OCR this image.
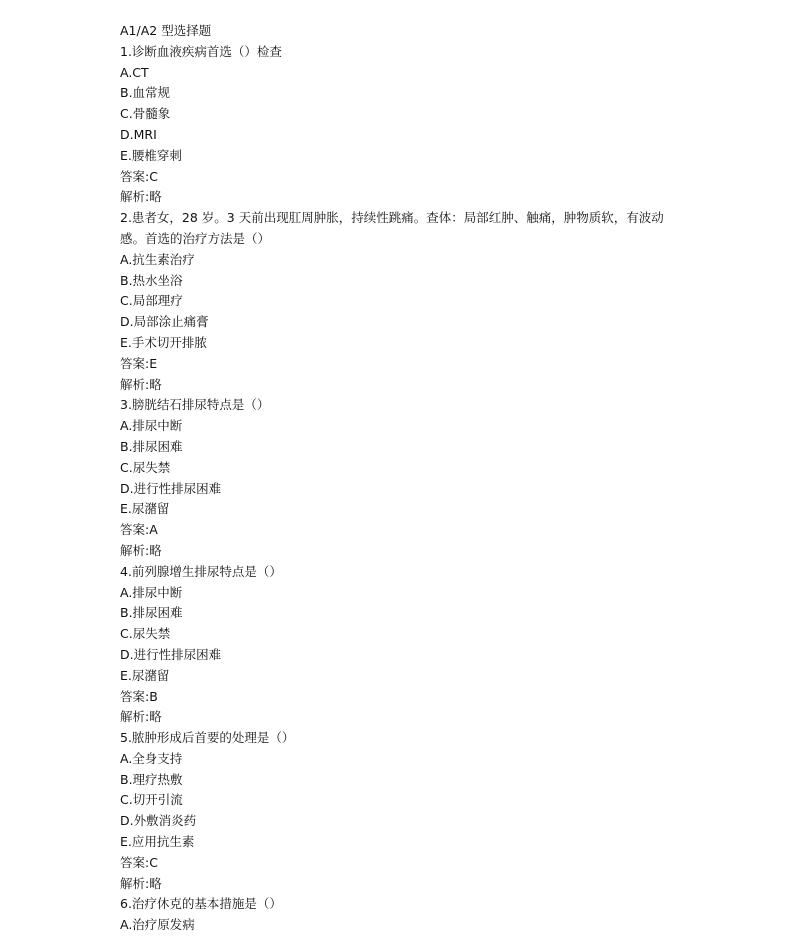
A1/A2 型选择题
1.诊断血液疾病首选（）检查
A.CT
B.血常规
C.骨髓象
D.MRI
E.腰椎穿刺
答案:C
解析:略
2.患者女，28 岁。3 天前出现肛周肿胀，持续性跳痛。查体：局部红肿、触痛，肿物质软，有波动感。首选的治疗方法是（）
A.抗生素治疗
B.热水坐浴
C.局部理疗
D.局部涂止痛膏
E.手术切开排脓
答案:E
解析:略
3.膀胱结石排尿特点是（）
A.排尿中断
B.排尿困难
C.尿失禁
D.进行性排尿困难
E.尿潴留
答案:A
解析:略
4.前列腺增生排尿特点是（）
A.排尿中断
B.排尿困难
C.尿失禁
D.进行性排尿困难
E.尿潴留
答案:B
解析:略
5.脓肿形成后首要的处理是（）
A.全身支持
B.理疗热敷
C.切开引流
D.外敷消炎药
E.应用抗生素
答案:C
解析:略
6.治疗休克的基本措施是（）
A.治疗原发病
